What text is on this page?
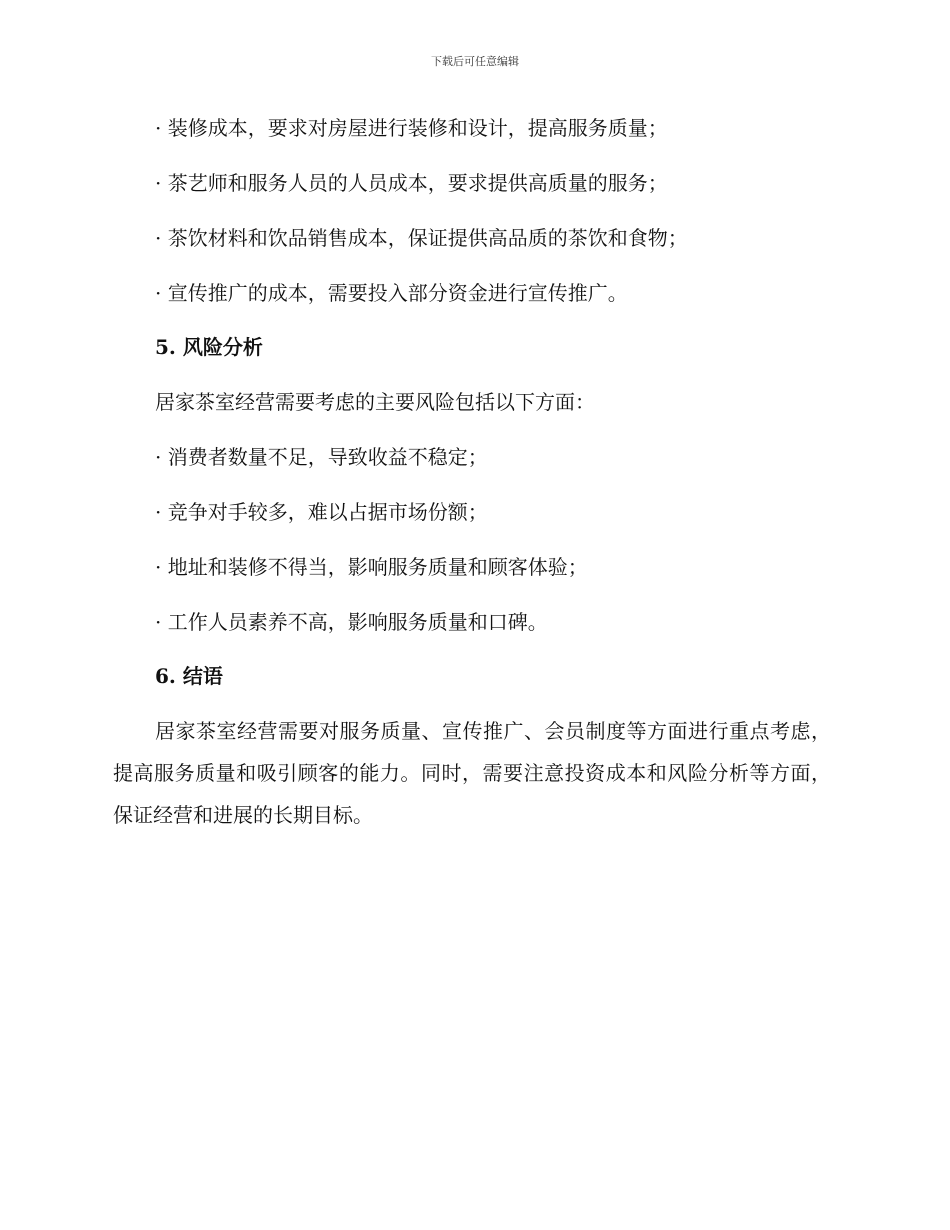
下载后可任意编辑
· 装修成本，要求对房屋进行装修和设计，提高服务质量；
· 茶艺师和服务人员的人员成本，要求提供高质量的服务；
· 茶饮材料和饮品销售成本，保证提供高品质的茶饮和食物；
· 宣传推广的成本，需要投入部分资金进行宣传推广。
5. 风险分析
居家茶室经营需要考虑的主要风险包括以下方面：
· 消费者数量不足，导致收益不稳定；
· 竞争对手较多，难以占据市场份额；
· 地址和装修不得当，影响服务质量和顾客体验；
· 工作人员素养不高，影响服务质量和口碑。
6. 结语
居家茶室经营需要对服务质量、宣传推广、会员制度等方面进行重点考虑，提高服务质量和吸引顾客的能力。同时，需要注意投资成本和风险分析等方面，保证经营和进展的长期目标。
